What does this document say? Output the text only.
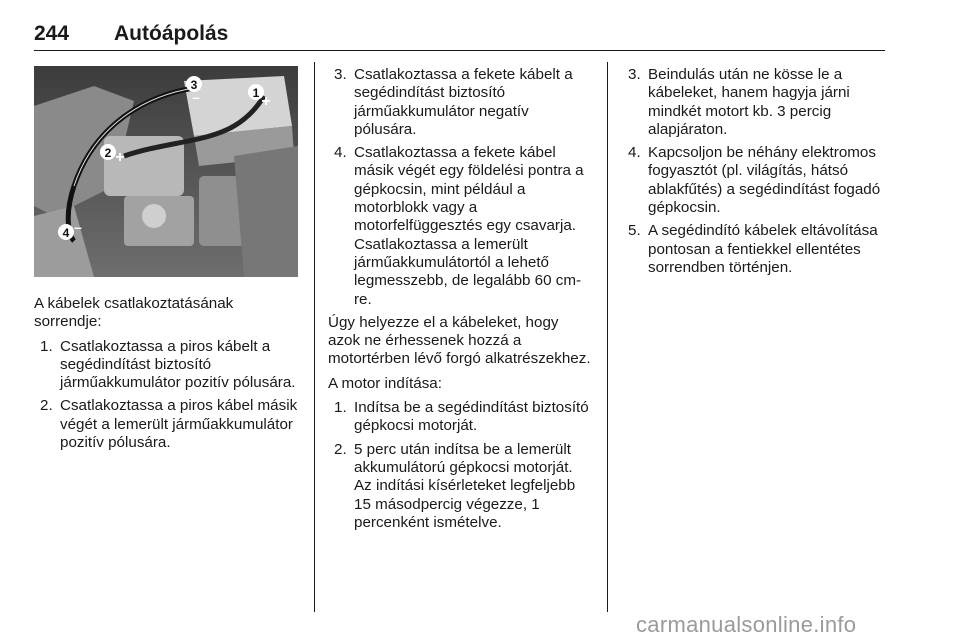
244 Autóápolás
3
–	1 +
2 +
4 –

A kábelek csatlakoztatásának sorrendje:

1. Csatlakoztassa a piros kábelt a segédindítást biztosító járműakkumulátor pozitív pólusára.
2. Csatlakoztassa a piros kábel másik végét a lemerült járműakkumulátor pozitív pólusára.
3. Csatlakoztassa a fekete kábelt a segédindítást biztosító járműakkumulátor negatív pólusára.
4. Csatlakoztassa a fekete kábel másik végét egy földelési pontra a gépkocsin, mint például a motorblokk vagy a motorfelfüggesztés egy csavarja. Csatlakoztassa a lemerült járműakkumulátortól a lehető legmesszebb, de legalább 60 cm-re.

Úgy helyezze el a kábeleket, hogy azok ne érhessenek hozzá a motortérben lévő forgó alkatrészekhez.

A motor indítása:

1. Indítsa be a segédindítást biztosító gépkocsi motorját.
2. 5 perc után indítsa be a lemerült akkumulátorú gépkocsi motorját. Az indítási kísérleteket legfeljebb 15 másodpercig végezze, 1 percenként ismételve.
3. Beindulás után ne kösse le a kábeleket, hanem hagyja járni mindkét motort kb. 3 percig alapjáraton.
4. Kapcsoljon be néhány elektromos fogyasztót (pl. világítás, hátsó ablakfűtés) a segédindítást fogadó gépkocsin.
5. A segédindító kábelek eltávolítása pontosan a fentiekkel ellentétes sorrendben történjen.
carmanualsonline.info
